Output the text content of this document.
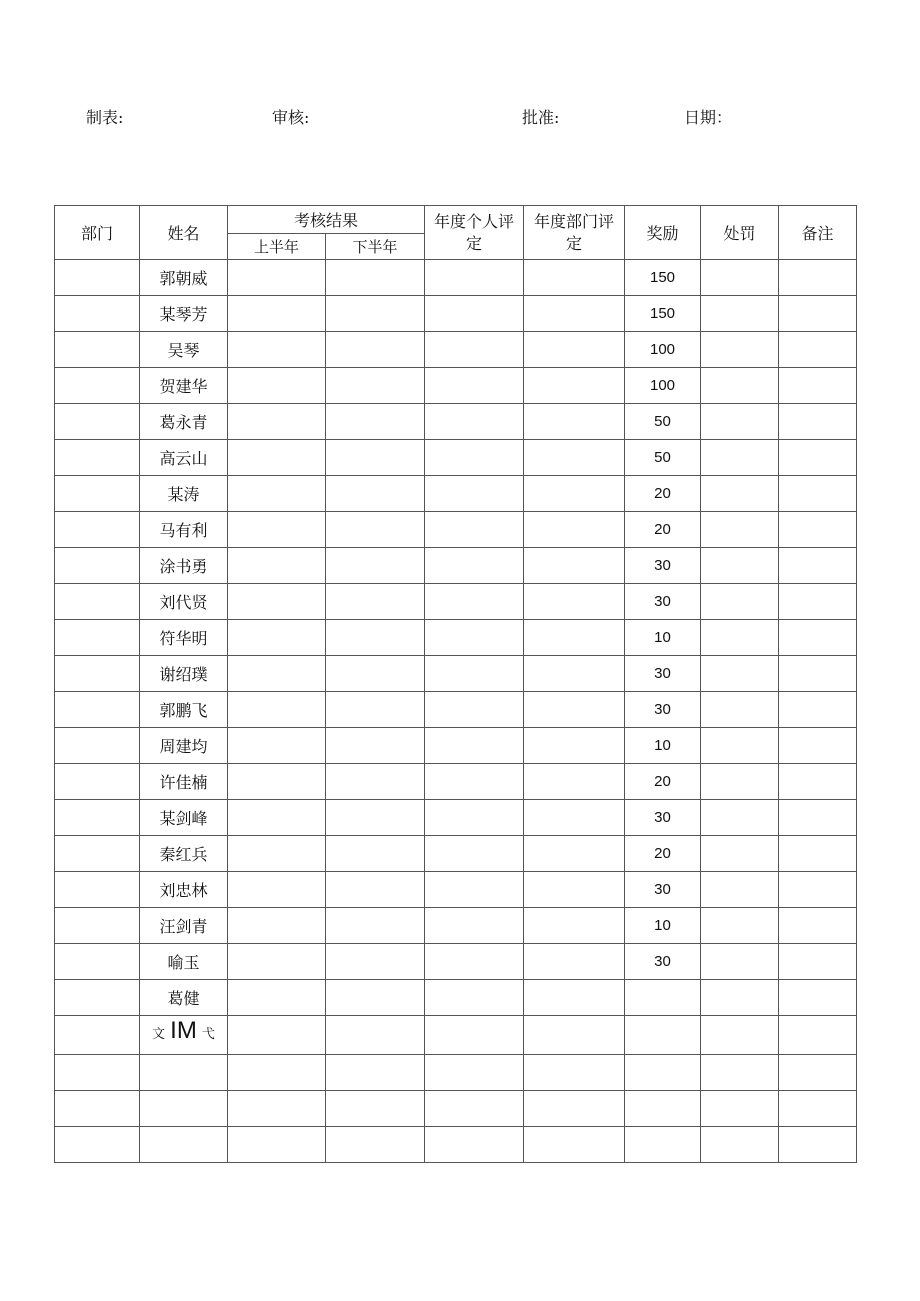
制表:	审核:	批准:	日期：
部门	姓名	考核结果		年度个人评定	年度部门评定	奖励	处罚	备注
		上半年	下半年					
	郭朝威					150		
	某琴芳					150		
	吴琴					100		
	贺建华					100		
	葛永青					50		
	高云山					50		
	某涛					20		
	马有利					20		
	涂书勇					30		
	刘代贤					30		
	符华明					10		
	谢绍璞					30		
	郭鹏飞					30		
	周建均					10		
	许佳楠					20		
	某剑峰					30		
	秦红兵					20		
	刘忠林					30		
	汪剑青					10		
	喻玉					30		
	葛健							
	文 IM 弋							
